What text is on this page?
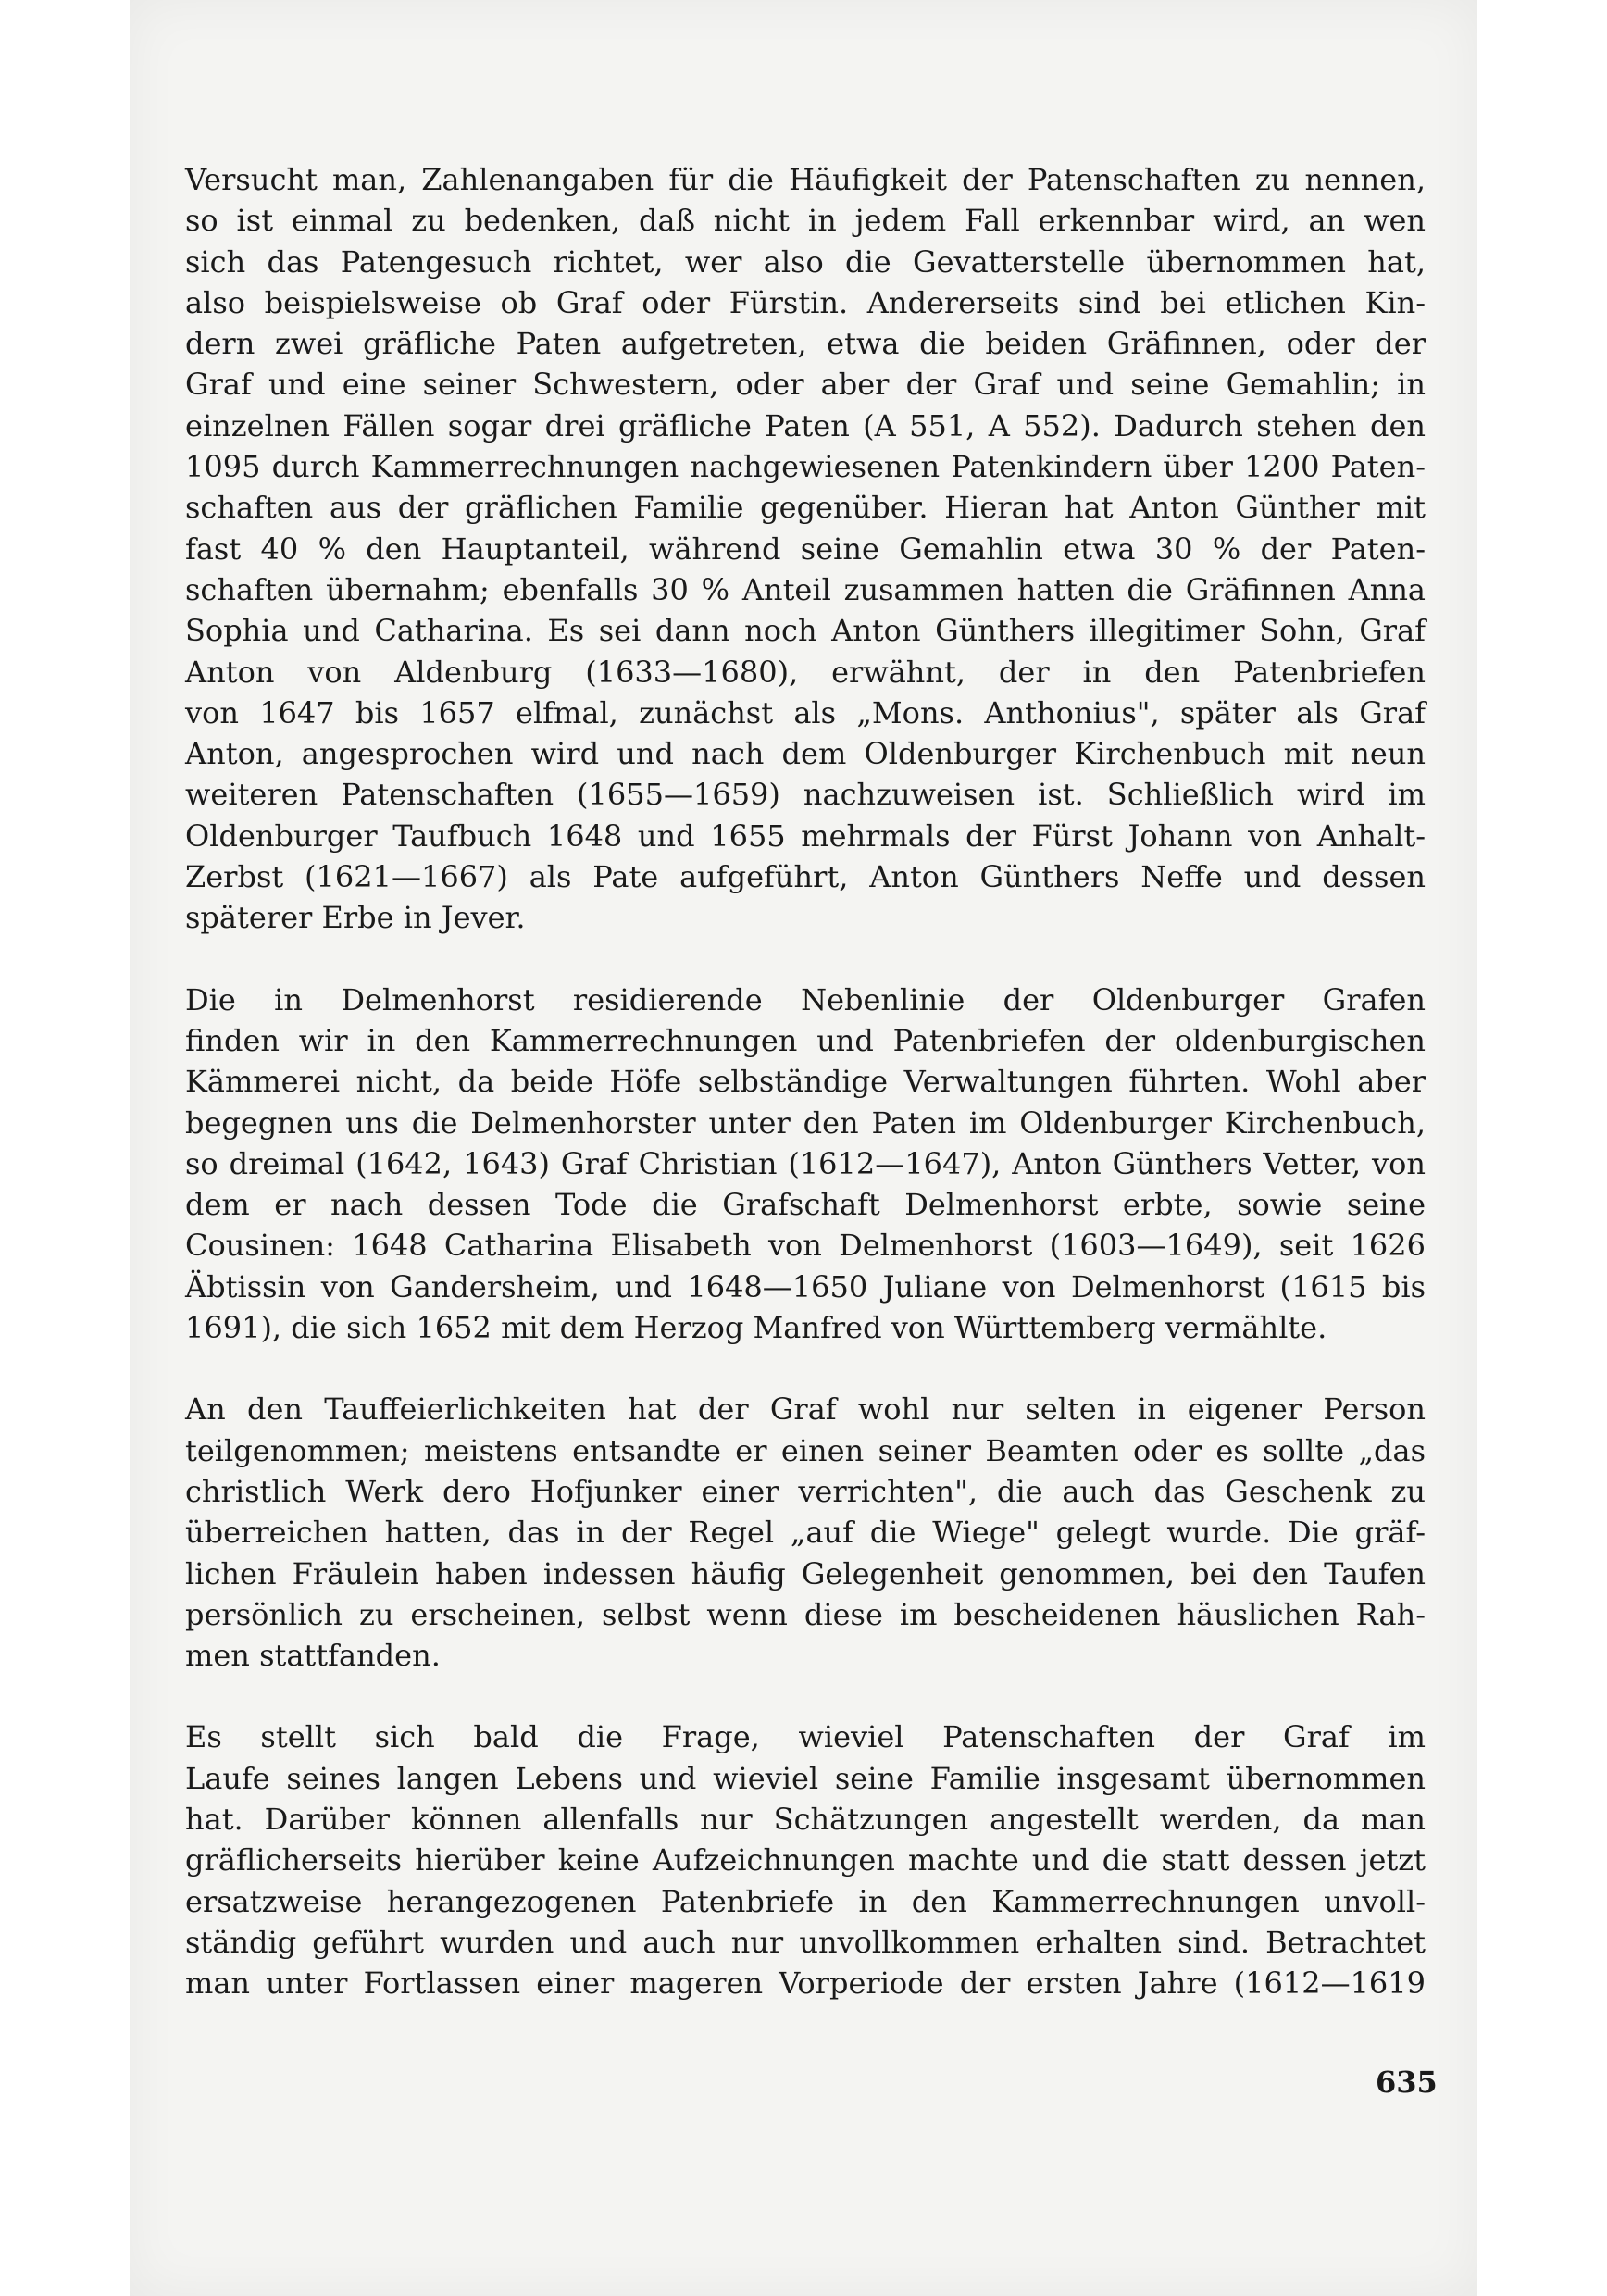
Versucht man, Zahlenangaben für die Häufigkeit der Patenschaften zu nennen,
so ist einmal zu bedenken, daß nicht in jedem Fall erkennbar wird, an wen
sich das Patengesuch richtet, wer also die Gevatterstelle übernommen hat,
also beispielsweise ob Graf oder Fürstin. Andererseits sind bei etlichen Kin-
dern zwei gräfliche Paten aufgetreten, etwa die beiden Gräfinnen, oder der
Graf und eine seiner Schwestern, oder aber der Graf und seine Gemahlin; in
einzelnen Fällen sogar drei gräfliche Paten (A 551, A 552). Dadurch stehen den
1095 durch Kammerrechnungen nachgewiesenen Patenkindern über 1200 Paten-
schaften aus der gräflichen Familie gegenüber. Hieran hat Anton Günther mit
fast 40 % den Hauptanteil, während seine Gemahlin etwa 30 % der Paten-
schaften übernahm; ebenfalls 30 % Anteil zusammen hatten die Gräfinnen Anna
Sophia und Catharina. Es sei dann noch Anton Günthers illegitimer Sohn, Graf
Anton von Aldenburg (1633—1680), erwähnt, der in den Patenbriefen
von 1647 bis 1657 elfmal, zunächst als „Mons. Anthonius", später als Graf
Anton, angesprochen wird und nach dem Oldenburger Kirchenbuch mit neun
weiteren Patenschaften (1655—1659) nachzuweisen ist. Schließlich wird im
Oldenburger Taufbuch 1648 und 1655 mehrmals der Fürst Johann von Anhalt-
Zerbst (1621—1667) als Pate aufgeführt, Anton Günthers Neffe und dessen
späterer Erbe in Jever.
Die in Delmenhorst residierende Nebenlinie der Oldenburger Grafen
finden wir in den Kammerrechnungen und Patenbriefen der oldenburgischen
Kämmerei nicht, da beide Höfe selbständige Verwaltungen führten. Wohl aber
begegnen uns die Delmenhorster unter den Paten im Oldenburger Kirchenbuch,
so dreimal (1642, 1643) Graf Christian (1612—1647), Anton Günthers Vetter, von
dem er nach dessen Tode die Grafschaft Delmenhorst erbte, sowie seine
Cousinen: 1648 Catharina Elisabeth von Delmenhorst (1603—1649), seit 1626
Äbtissin von Gandersheim, und 1648—1650 Juliane von Delmenhorst (1615 bis
1691), die sich 1652 mit dem Herzog Manfred von Württemberg vermählte.
An den Tauffeierlichkeiten hat der Graf wohl nur selten in eigener Person
teilgenommen; meistens entsandte er einen seiner Beamten oder es sollte „das
christlich Werk dero Hofjunker einer verrichten", die auch das Geschenk zu
überreichen hatten, das in der Regel „auf die Wiege" gelegt wurde. Die gräf-
lichen Fräulein haben indessen häufig Gelegenheit genommen, bei den Taufen
persönlich zu erscheinen, selbst wenn diese im bescheidenen häuslichen Rah-
men stattfanden.
Es stellt sich bald die Frage, wieviel Patenschaften der Graf im
Laufe seines langen Lebens und wieviel seine Familie insgesamt übernommen
hat. Darüber können allenfalls nur Schätzungen angestellt werden, da man
gräflicherseits hierüber keine Aufzeichnungen machte und die statt dessen jetzt
ersatzweise herangezogenen Patenbriefe in den Kammerrechnungen unvoll-
ständig geführt wurden und auch nur unvollkommen erhalten sind. Betrachtet
man unter Fortlassen einer mageren Vorperiode der ersten Jahre (1612—1619
635
